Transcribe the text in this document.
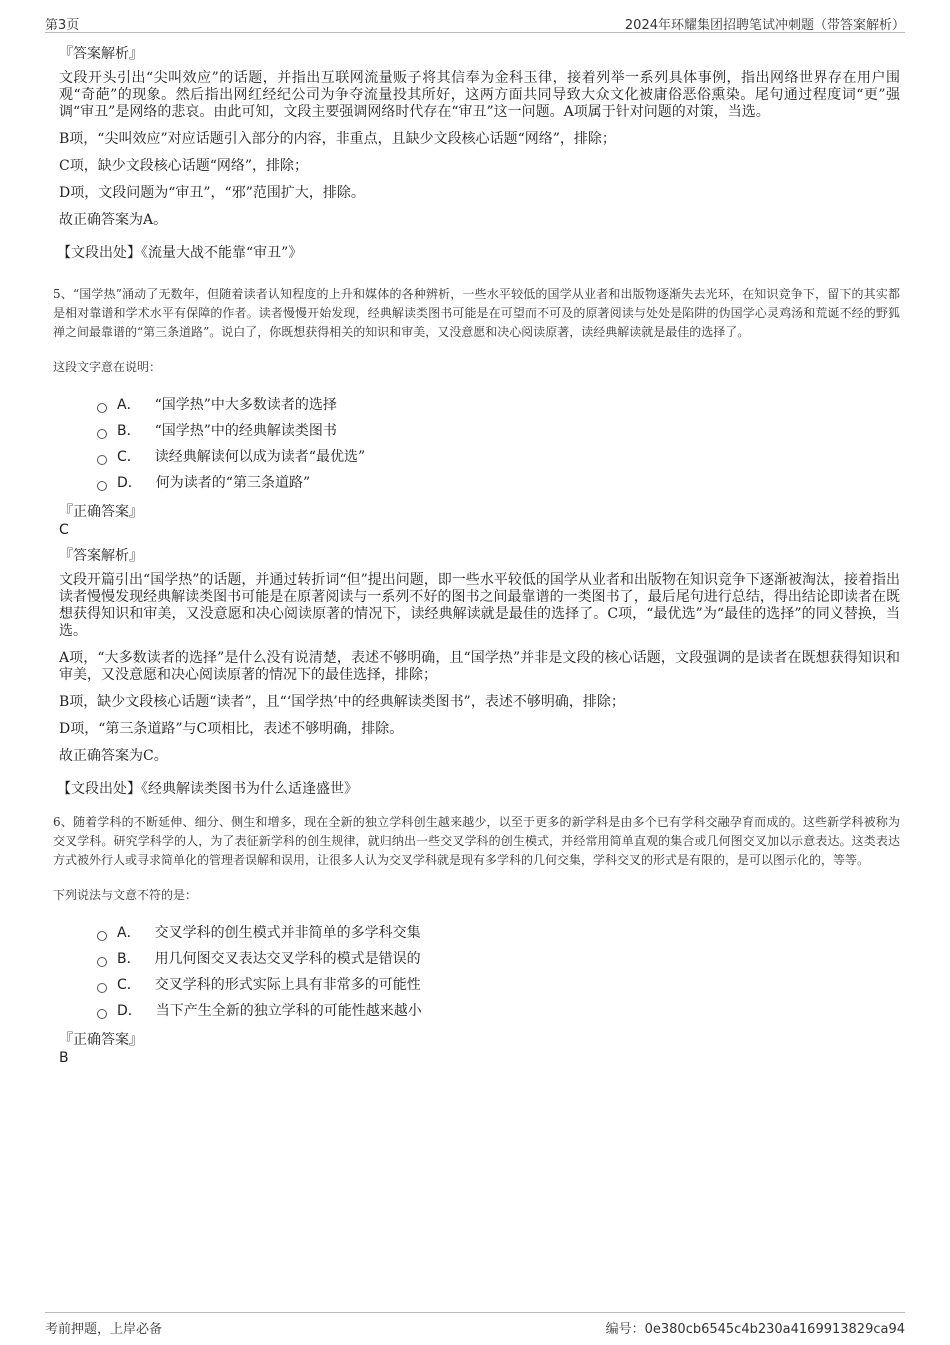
第3页	2024年环耀集团招聘笔试冲刺题（带答案解析）
『答案解析』

文段开头引出“尖叫效应”的话题，并指出互联网流量贩子将其信奉为金科玉律，接着列举一系列具体事例，指出网络世界存在用户围观“奇葩”的现象。然后指出网红经纪公司为争夺流量投其所好，这两方面共同导致大众文化被庸俗恶俗熏染。尾句通过程度词“更”强调“审丑”是网络的悲哀。由此可知，文段主要强调网络时代存在“审丑”这一问题。A项属于针对问题的对策，当选。

B项，“尖叫效应”对应话题引入部分的内容，非重点，且缺少文段核心话题“网络”，排除；

C项，缺少文段核心话题“网络”，排除；

D项，文段问题为“审丑”，“邪”范围扩大，排除。

故正确答案为A。

【文段出处】《流量大战不能靠“审丑”》

5、“国学热”涌动了无数年，但随着读者认知程度的上升和媒体的各种辨析，一些水平较低的国学从业者和出版物逐渐失去光环，在知识竞争下，留下的其实都是相对靠谱和学术水平有保障的作者。读者慢慢开始发现，经典解读类图书可能是在可望而不可及的原著阅读与处处是陷阱的伪国学心灵鸡汤和荒诞不经的野狐禅之间最靠谱的“第三条道路”。说白了，你既想获得相关的知识和审美，又没意愿和决心阅读原著，读经典解读就是最佳的选择了。

这段文字意在说明：

A． “国学热”中大多数读者的选择
B． “国学热”中的经典解读类图书
C． 读经典解读何以成为读者“最优选”
D． 何为读者的“第三条道路”
『正确答案』
C
『答案解析』

文段开篇引出“国学热”的话题，并通过转折词“但”提出问题，即一些水平较低的国学从业者和出版物在知识竞争下逐渐被淘汰，接着指出读者慢慢发现经典解读类图书可能是在原著阅读与一系列不好的图书之间最靠谱的一类图书了，最后尾句进行总结，得出结论即读者在既想获得知识和审美，又没意愿和决心阅读原著的情况下，读经典解读就是最佳的选择了。C项，“最优选”为“最佳的选择”的同义替换，当选。

A项，“大多数读者的选择”是什么没有说清楚，表述不够明确，且“国学热”并非是文段的核心话题，文段强调的是读者在既想获得知识和审美，又没意愿和决心阅读原著的情况下的最佳选择，排除；

B项，缺少文段核心话题“读者”，且“‘国学热’中的经典解读类图书”，表述不够明确，排除；

D项，“第三条道路”与C项相比，表述不够明确，排除。

故正确答案为C。

【文段出处】《经典解读类图书为什么适逢盛世》

6、随着学科的不断延伸、细分、侧生和增多，现在全新的独立学科创生越来越少，以至于更多的新学科是由多个已有学科交融孕育而成的。这些新学科被称为交叉学科。研究学科学的人，为了表征新学科的创生规律，就归纳出一些交叉学科的创生模式，并经常用简单直观的集合或几何图交叉加以示意表达。这类表达方式被外行人或寻求简单化的管理者误解和误用，让很多人认为交叉学科就是现有多学科的几何交集，学科交叉的形式是有限的，是可以图示化的，等等。

下列说法与文意不符的是：

A． 交叉学科的创生模式并非简单的多学科交集
B． 用几何图交叉表达交叉学科的模式是错误的
C． 交叉学科的形式实际上具有非常多的可能性
D． 当下产生全新的独立学科的可能性越来越小
『正确答案』
B
考前押题，上岸必备	编号：0e380cb6545c4b230a4169913829ca94
